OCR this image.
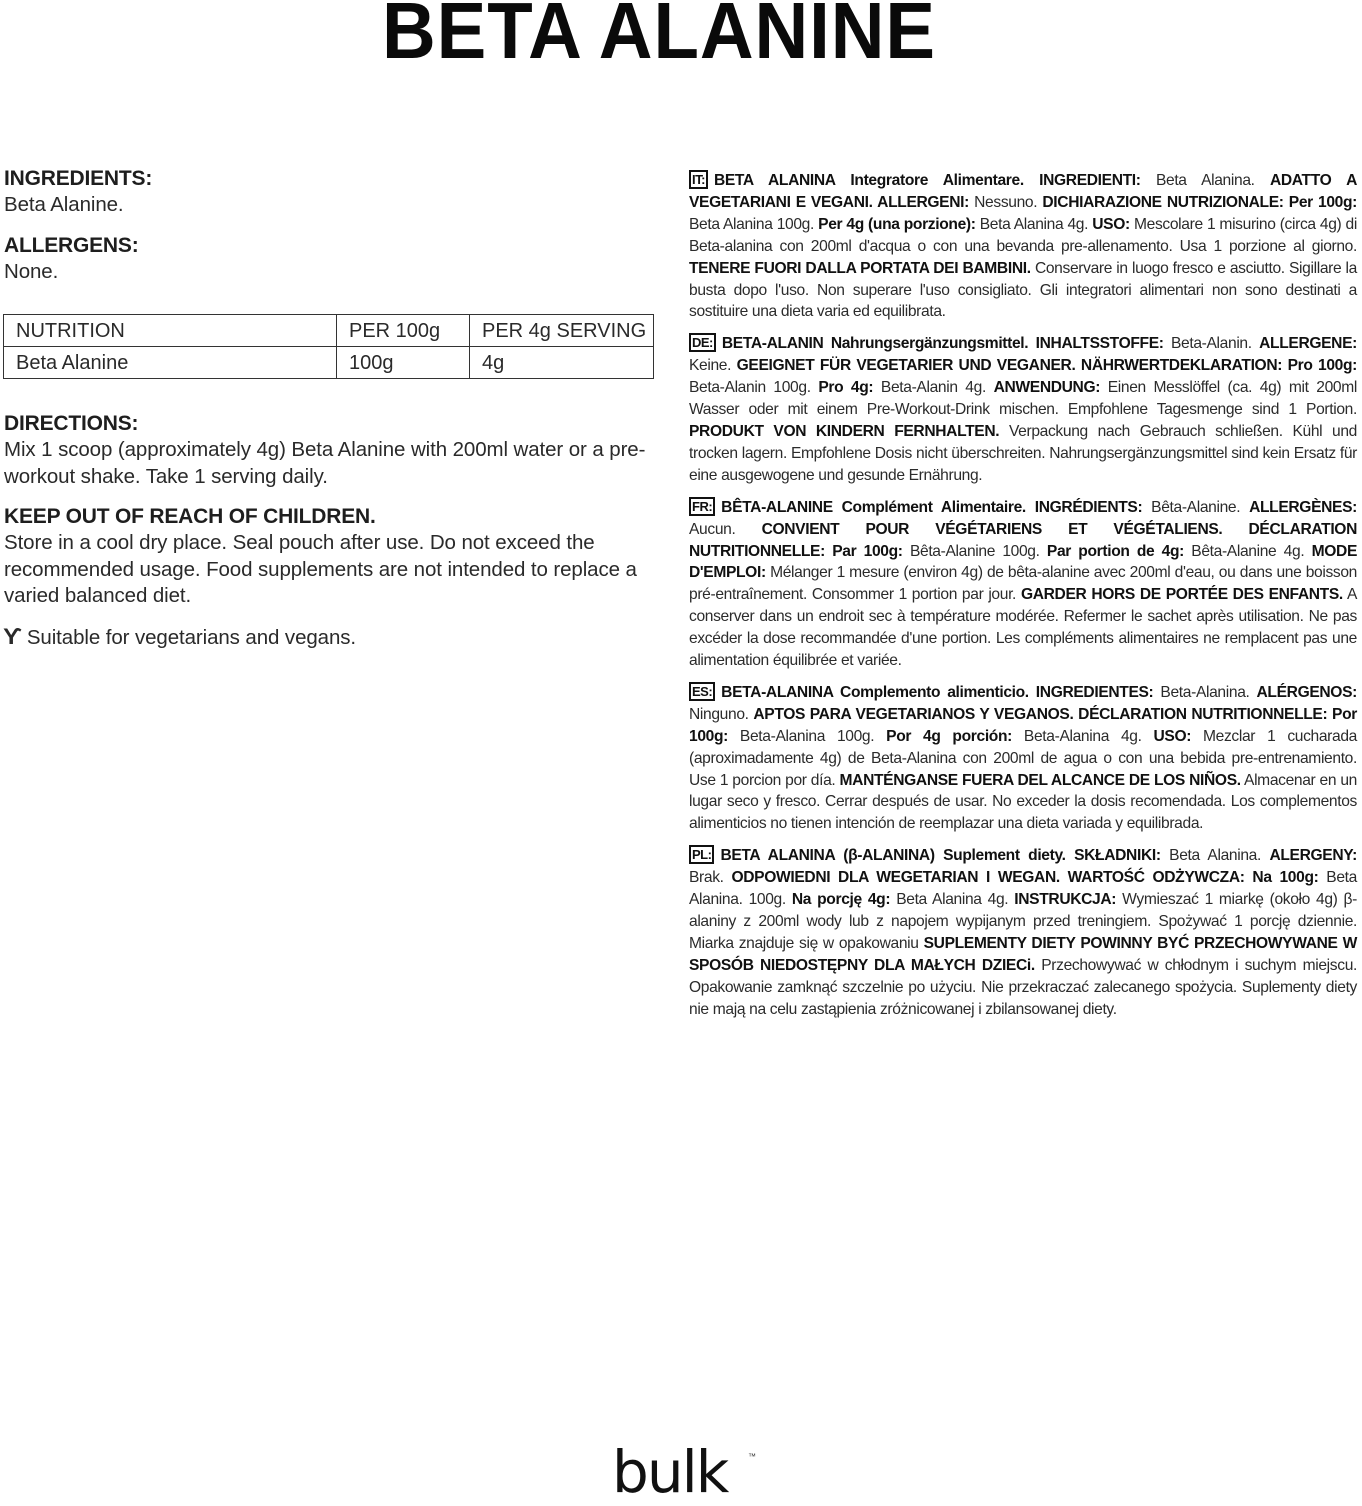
BETA ALANINE
INGREDIENTS:
Beta Alanine.
ALLERGENS:
None.
NUTRITION	PER 100g	PER 4g SERVING
Beta Alanine	100g	4g
DIRECTIONS:
Mix 1 scoop (approximately 4g) Beta Alanine with 200ml water or a pre-workout shake. Take 1 serving daily.
KEEP OUT OF REACH OF CHILDREN.
Store in a cool dry place. Seal pouch after use. Do not exceed the recommended usage. Food supplements are not intended to replace a varied balanced diet.
ϒ Suitable for vegetarians and vegans.
IT: BETA ALANINA Integratore Alimentare. INGREDIENTI: Beta Alanina. ADATTO A VEGETARIANI E VEGANI. ALLERGENI: Nessuno. DICHIARAZIONE NUTRIZIONALE: Per 100g: Beta Alanina 100g. Per 4g (una porzione): Beta Alanina 4g. USO: Mescolare 1 misurino (circa 4g) di Beta-alanina con 200ml d'acqua o con una bevanda pre-allenamento. Usa 1 porzione al giorno. TENERE FUORI DALLA PORTATA DEI BAMBINI. Conservare in luogo fresco e asciutto. Sigillare la busta dopo l'uso. Non superare l'uso consigliato. Gli integratori alimentari non sono destinati a sostituire una dieta varia ed equilibrata.
DE: BETA-ALANIN Nahrungsergänzungsmittel. INHALTSSTOFFE: Beta-Alanin. ALLERGENE: Keine. GEEIGNET FÜR VEGETARIER UND VEGANER. NÄHRWERTDEKLARATION: Pro 100g: Beta-Alanin 100g. Pro 4g: Beta-Alanin 4g. ANWENDUNG: Einen Messlöffel (ca. 4g) mit 200ml Wasser oder mit einem Pre-Workout-Drink mischen. Empfohlene Tagesmenge sind 1 Portion. PRODUKT VON KINDERN FERNHALTEN. Verpackung nach Gebrauch schließen. Kühl und trocken lagern. Empfohlene Dosis nicht überschreiten. Nahrungsergänzungsmittel sind kein Ersatz für eine ausgewogene und gesunde Ernährung.
FR: BÊTA-ALANINE Complément Alimentaire. INGRÉDIENTS: Bêta-Alanine. ALLERGÈNES: Aucun. CONVIENT POUR VÉGÉTARIENS ET VÉGÉTALIENS. DÉCLARATION NUTRITIONNELLE: Par 100g: Bêta-Alanine 100g. Par portion de 4g: Bêta-Alanine 4g. MODE D'EMPLOI: Mélanger 1 mesure (environ 4g) de bêta-alanine avec 200ml d'eau, ou dans une boisson pré-entraînement. Consommer 1 portion par jour. GARDER HORS DE PORTÉE DES ENFANTS. A conserver dans un endroit sec à température modérée. Refermer le sachet après utilisation. Ne pas excéder la dose recommandée d'une portion. Les compléments alimentaires ne remplacent pas une alimentation équilibrée et variée.
ES: BETA-ALANINA Complemento alimenticio. INGREDIENTES: Beta-Alanina. ALÉRGENOS: Ninguno. APTOS PARA VEGETARIANOS Y VEGANOS. DÉCLARATION NUTRITIONNELLE: Por 100g: Beta-Alanina 100g. Por 4g porción: Beta-Alanina 4g. USO: Mezclar 1 cucharada (aproximadamente 4g) de Beta-Alanina con 200ml de agua o con una bebida pre-entrenamiento. Use 1 porcion por día. MANTÉNGANSE FUERA DEL ALCANCE DE LOS NIÑOS. Almacenar en un lugar seco y fresco. Cerrar después de usar. No exceder la dosis recomendada. Los complementos alimenticios no tienen intención de reemplazar una dieta variada y equilibrada.
PL: BETA ALANINA (β-ALANINA) Suplement diety. SKŁADNIKI: Beta Alanina. ALERGENY: Brak. ODPOWIEDNI DLA WEGETARIAN I WEGAN. WARTOŚĆ ODŻYWCZA: Na 100g: Beta Alanina. 100g. Na porcję 4g: Beta Alanina 4g. INSTRUKCJA: Wymieszać 1 miarkę (około 4g) β-alaniny z 200ml wody lub z napojem wypijanym przed treningiem. Spożywać 1 porcję dziennie. Miarka znajduje się w opakowaniu SUPLEMENTY DIETY POWINNY BYĆ PRZECHOWYWANE W SPOSÓB NIEDOSTĘPNY DLA MAŁYCH DZIECi. Przechowywać w chłodnym i suchym miejscu. Opakowanie zamknąć szczelnie po użyciu. Nie przekraczać zalecanego spożycia. Suplementy diety nie mają na celu zastąpienia zróżnicowanej i zbilansowanej diety.
bulk	™
